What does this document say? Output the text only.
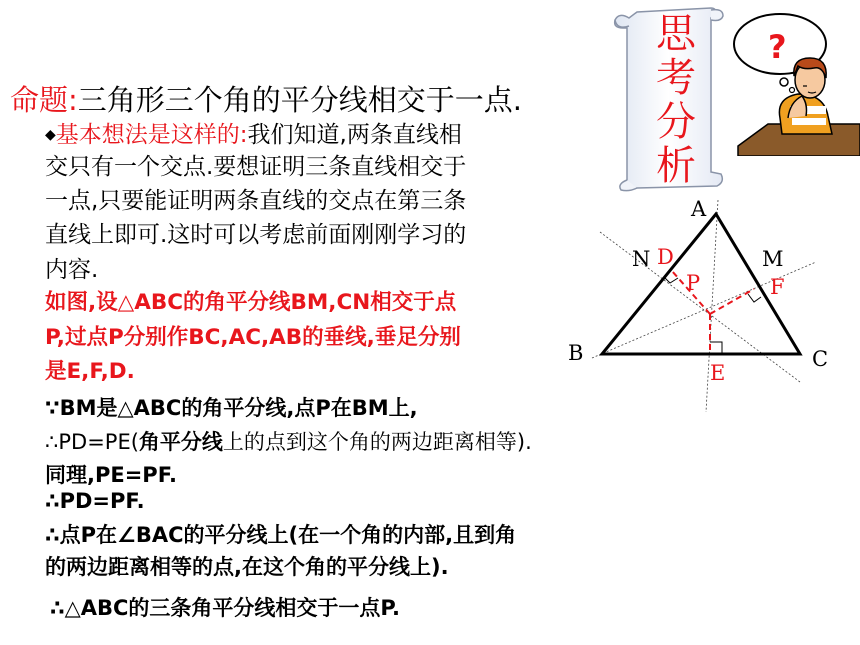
命题:三角形三个角的平分线相交于一点.
◆基本想法是这样的:我们知道,两条直线相
交只有一个交点.要想证明三条直线相交于
一点,只要能证明两条直线的交点在第三条
直线上即可.这时可以考虑前面刚刚学习的
内容.
如图,设△ABC的角平分线BM,CN相交于点
P,过点P分别作BC,AC,AB的垂线,垂足分别
是E,F,D.
∵BM是△ABC的角平分线,点P在BM上,
∴PD=PE(角平分线上的点到这个角的两边距离相等).
同理,PE=PF.
∴PD=PF.
∴点P在∠BAC的平分线上(在一个角的内部,且到角
的两边距离相等的点,在这个角的平分线上).
∴△ABC的三条角平分线相交于一点P.
思考分析
?
A
B	C
D
E
F
M
N
P
